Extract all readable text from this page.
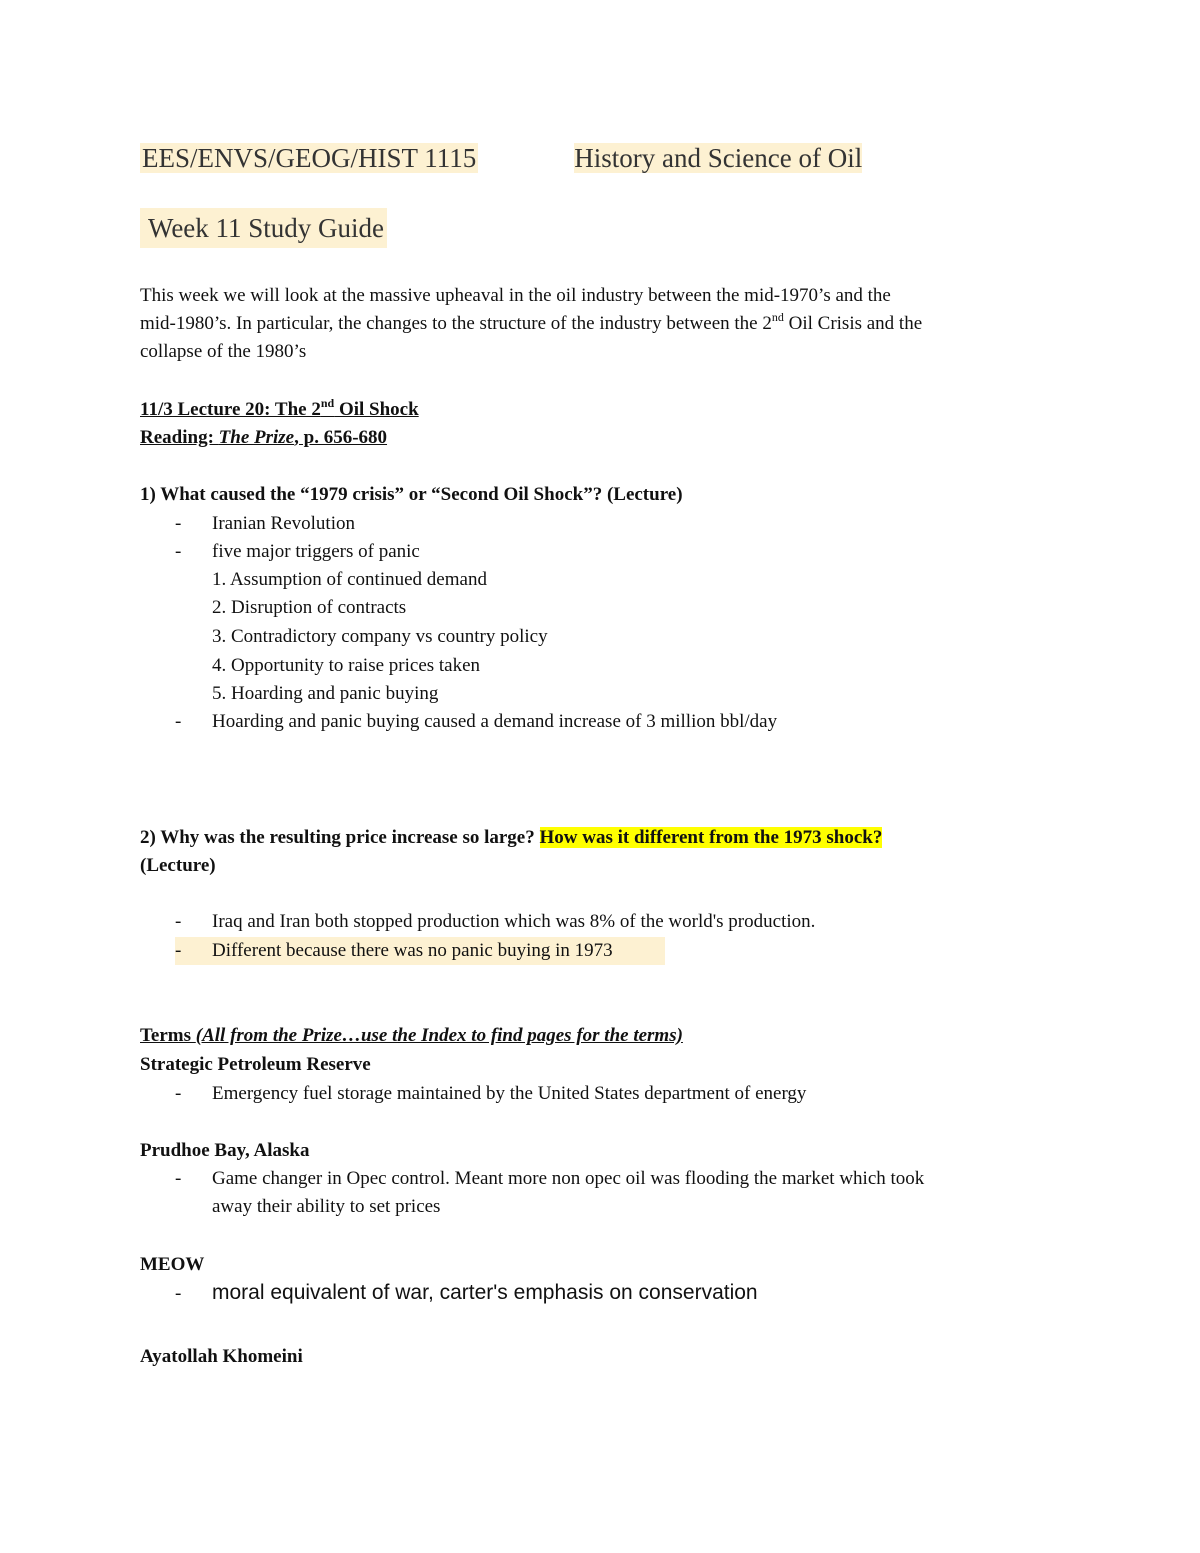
EES/ENVS/GEOG/HIST 1115	History and Science of Oil
Week 11 Study Guide
This week we will look at the massive upheaval in the oil industry between the mid-1970’s and the
mid-1980’s. In particular, the changes to the structure of the industry between the 2nd Oil Crisis and the
collapse of the 1980’s
11/3 Lecture 20: The 2nd Oil Shock
Reading: The Prize, p. 656-680
1) What caused the “1979 crisis” or “Second Oil Shock”? (Lecture)
- Iranian Revolution
- five major triggers of panic
1. Assumption of continued demand
2. Disruption of contracts
3. Contradictory company vs country policy
4. Opportunity to raise prices taken
5. Hoarding and panic buying
- Hoarding and panic buying caused a demand increase of 3 million bbl/day
2) Why was the resulting price increase so large? How was it different from the 1973 shock?
(Lecture)
- Iraq and Iran both stopped production which was 8% of the world's production.
- Different because there was no panic buying in 1973
Terms (All from the Prize…use the Index to find pages for the terms)
Strategic Petroleum Reserve
- Emergency fuel storage maintained by the United States department of energy
Prudhoe Bay, Alaska
- Game changer in Opec control. Meant more non opec oil was flooding the market which took
away their ability to set prices
MEOW
- moral equivalent of war, carter's emphasis on conservation
Ayatollah Khomeini
